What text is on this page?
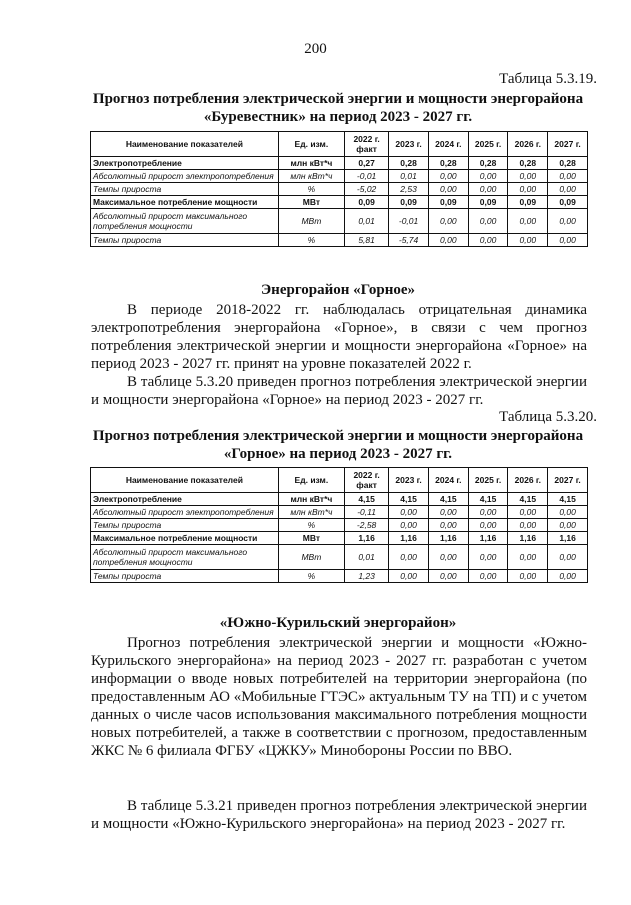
200
Таблица 5.3.19.
Прогноз потребления электрической энергии и мощности энергорайона
«Буревестник» на период 2023 - 2027 гг.
Наименование показателей	Ед. изм.	2022 г. факт	2023 г.	2024 г.	2025 г.	2026 г.	2027 г.
Электропотребление	млн кВт*ч	0,27	0,28	0,28	0,28	0,28	0,28
Абсолютный прирост электропотребления	млн кВт*ч	-0,01	0,01	0,00	0,00	0,00	0,00
Темпы прироста	%	-5,02	2,53	0,00	0,00	0,00	0,00
Максимальное потребление мощности	МВт	0,09	0,09	0,09	0,09	0,09	0,09
Абсолютный прирост максимального потребления мощности	МВт	0,01	-0,01	0,00	0,00	0,00	0,00
Темпы прироста	%	5,81	-5,74	0,00	0,00	0,00	0,00
Энергорайон «Горное»

В периоде 2018-2022 гг. наблюдалась отрицательная динамика электропотребления энергорайона «Горное», в связи с чем прогноз потребления электрической энергии и мощности энергорайона «Горное» на период 2023 - 2027 гг. принят на уровне показателей 2022 г.

В таблице 5.3.20 приведен прогноз потребления электрической энергии и мощности энергорайона «Горное» на период 2023 - 2027 гг.

Таблица 5.3.20.
Прогноз потребления электрической энергии и мощности энергорайона
«Горное» на период 2023 - 2027 гг.
Наименование показателей	Ед. изм.	2022 г. факт	2023 г.	2024 г.	2025 г.	2026 г.	2027 г.
Электропотребление	млн кВт*ч	4,15	4,15	4,15	4,15	4,15	4,15
Абсолютный прирост электропотребления	млн кВт*ч	-0,11	0,00	0,00	0,00	0,00	0,00
Темпы прироста	%	-2,58	0,00	0,00	0,00	0,00	0,00
Максимальное потребление мощности	МВт	1,16	1,16	1,16	1,16	1,16	1,16
Абсолютный прирост максимального потребления мощности	МВт	0,01	0,00	0,00	0,00	0,00	0,00
Темпы прироста	%	1,23	0,00	0,00	0,00	0,00	0,00
«Южно-Курильский энергорайон»

Прогноз потребления электрической энергии и мощности «Южно-Курильского энергорайона» на период 2023 - 2027 гг. разработан с учетом информации о вводе новых потребителей на территории энергорайона (по предоставленным АО «Мобильные ГТЭС» актуальным ТУ на ТП) и с учетом данных о числе часов использования максимального потребления мощности новых потребителей, а также в соответствии с прогнозом, предоставленным ЖКС № 6 филиала ФГБУ «ЦЖКУ» Минобороны России по ВВО.

В таблице 5.3.21 приведен прогноз потребления электрической энергии и мощности «Южно-Курильского энергорайона» на период 2023 - 2027 гг.
